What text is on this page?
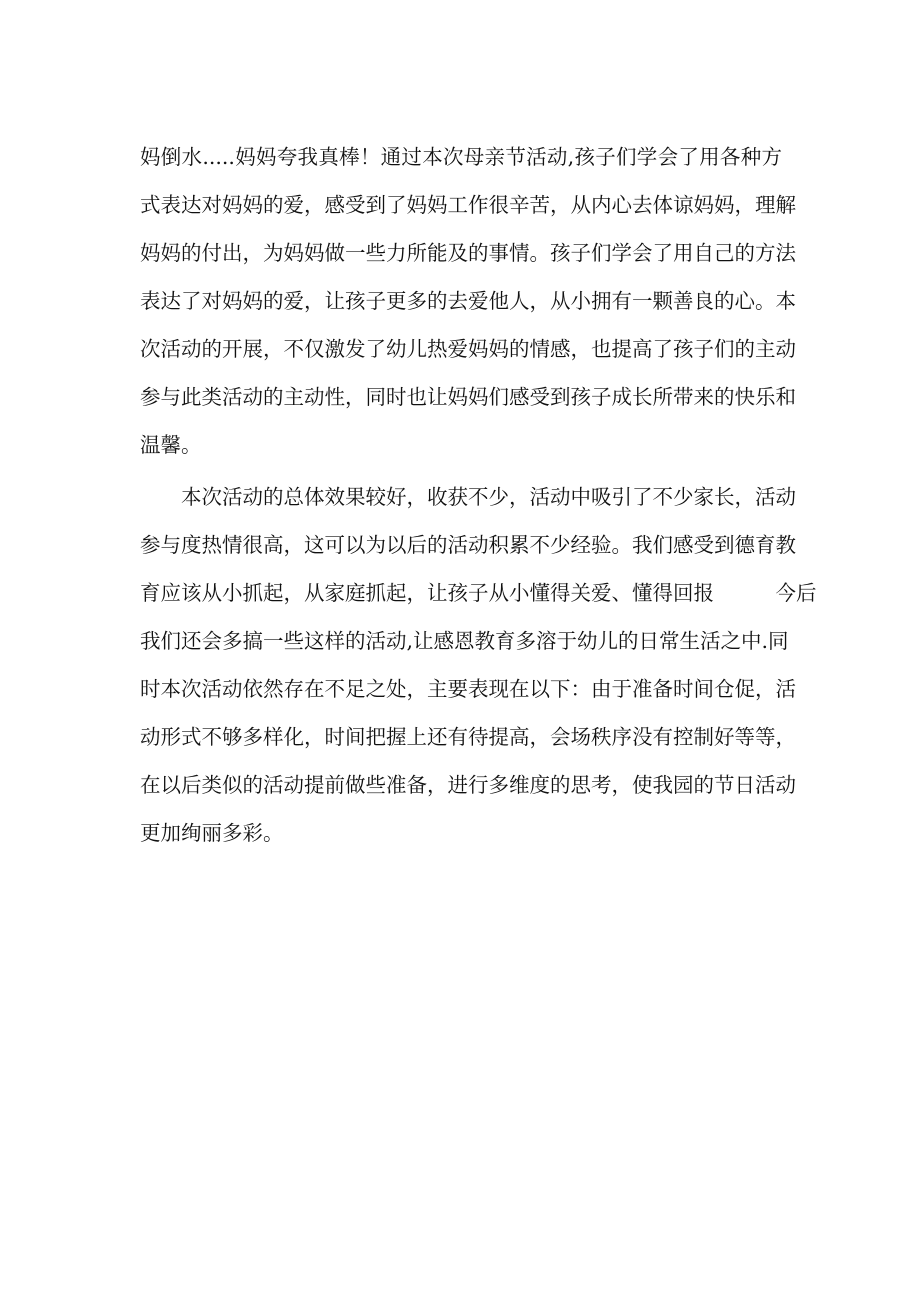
妈倒水.....妈妈夸我真棒！通过本次母亲节活动,孩子们学会了用各种方
式表达对妈妈的爱，感受到了妈妈工作很辛苦，从内心去体谅妈妈，理解
妈妈的付出，为妈妈做一些力所能及的事情。孩子们学会了用自己的方法
表达了对妈妈的爱，让孩子更多的去爱他人，从小拥有一颗善良的心。本
次活动的开展，不仅激发了幼儿热爱妈妈的情感，也提高了孩子们的主动
参与此类活动的主动性，同时也让妈妈们感受到孩子成长所带来的快乐和
温馨。

　　本次活动的总体效果较好，收获不少，活动中吸引了不少家长，活动
参与度热情很高，这可以为以后的活动积累不少经验。我们感受到德育教
育应该从小抓起，从家庭抓起，让孩子从小懂得关爱、懂得回报　　　今后
我们还会多搞一些这样的活动,让感恩教育多溶于幼儿的日常生活之中.同
时本次活动依然存在不足之处，主要表现在以下：由于准备时间仓促，活
动形式不够多样化，时间把握上还有待提高，会场秩序没有控制好等等，
在以后类似的活动提前做些准备，进行多维度的思考，使我园的节日活动
更加绚丽多彩。
